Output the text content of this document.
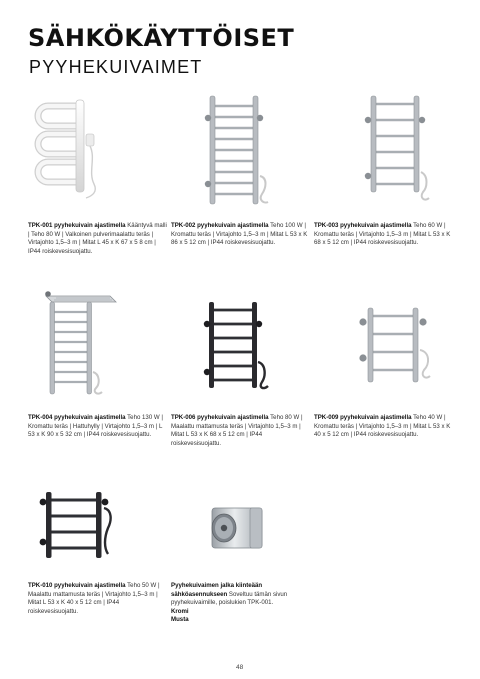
SÄHKÖKÄYTTÖISET
PYYHEKUIVAIMET
TPK-001 pyyhekuivain ajastimella Kääntyvä malli | Teho 80 W | Valkoinen pulverimaalattu teräs | Virtajohto 1,5–3 m | Mitat L 45 x K 67 x 5 8 cm | IP44 roiskevesisuojattu.
TPK-002 pyyhekuivain ajastimella Teho 100 W | Kromattu teräs | Virtajohto 1,5–3 m | Mitat L 53 x K 86 x 5 12 cm | IP44 roiskevesisuojattu.
TPK-003 pyyhekuivain ajastimella Teho 60 W | Kromattu teräs | Virtajohto 1,5–3 m | Mitat L 53 x K 68 x 5 12 cm | IP44 roiskevesisuojattu.
TPK-004 pyyhekuivain ajastimella Teho 130 W | Kromattu teräs | Hattuhylly | Virtajohto 1,5–3 m | L 53 x K 90 x 5 32 cm | IP44 roiskevesisuojattu.
TPK-006 pyyhekuivain ajastimella Teho 80 W | Maalattu mattamusta teräs | Virtajohto 1,5–3 m | Mitat L 53 x K 68 x 5 12 cm | IP44 roiskevesisuojattu.
TPK-009 pyyhekuivain ajastimella Teho 40 W | Kromattu teräs | Virtajohto 1,5–3 m | Mitat L 53 x K 40 x 5 12 cm | IP44 roiskevesisuojattu.
TPK-010 pyyhekuivain ajastimella Teho 50 W | Maalattu mattamusta teräs | Virtajohto 1,5–3 m | Mitat L 53 x K 40 x 5 12 cm | IP44 roiskevesisuojattu.
Pyyhekuivaimen jalka kiinteään sähköasennukseen Soveltuu tämän sivun pyyhekuivaimille, poislukien TPK-001.
Kromi
Musta
48
